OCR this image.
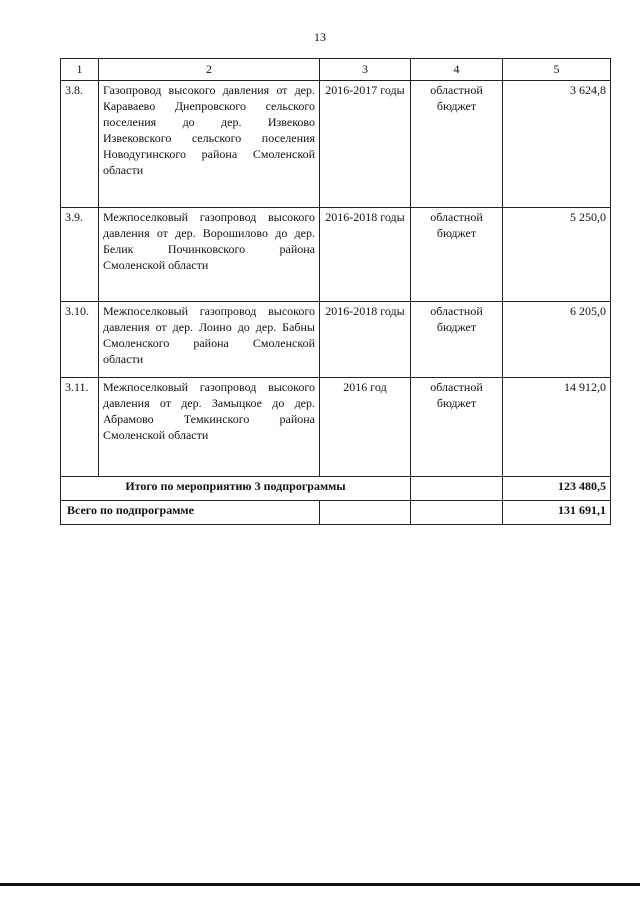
13
1	2	3	4	5
3.8.	Газопровод высокого давления от дер. Караваево Днепровского сельского поселения до дер. Извеково Извековского сельского поселения Новодугинского района Смоленской области	2016-2017 годы	областной бюджет	3 624,8
3.9.	Межпоселковый газопровод высокого давления от дер. Ворошилово до дер. Белик Починковского района Смоленской области	2016-2018 годы	областной бюджет	5 250,0
3.10.	Межпоселковый газопровод высокого давления от дер. Лоино до дер. Бабны Смоленского района Смоленской области	2016-2018 годы	областной бюджет	6 205,0
3.11.	Межпоселковый газопровод высокого давления от дер. Замыцкое до дер. Абрамово Темкинского района Смоленской области	2016 год	областной бюджет	14 912,0
Итого по мероприятию 3 подпрограммы				123 480,5
Всего по подпрограмме				131 691,1
